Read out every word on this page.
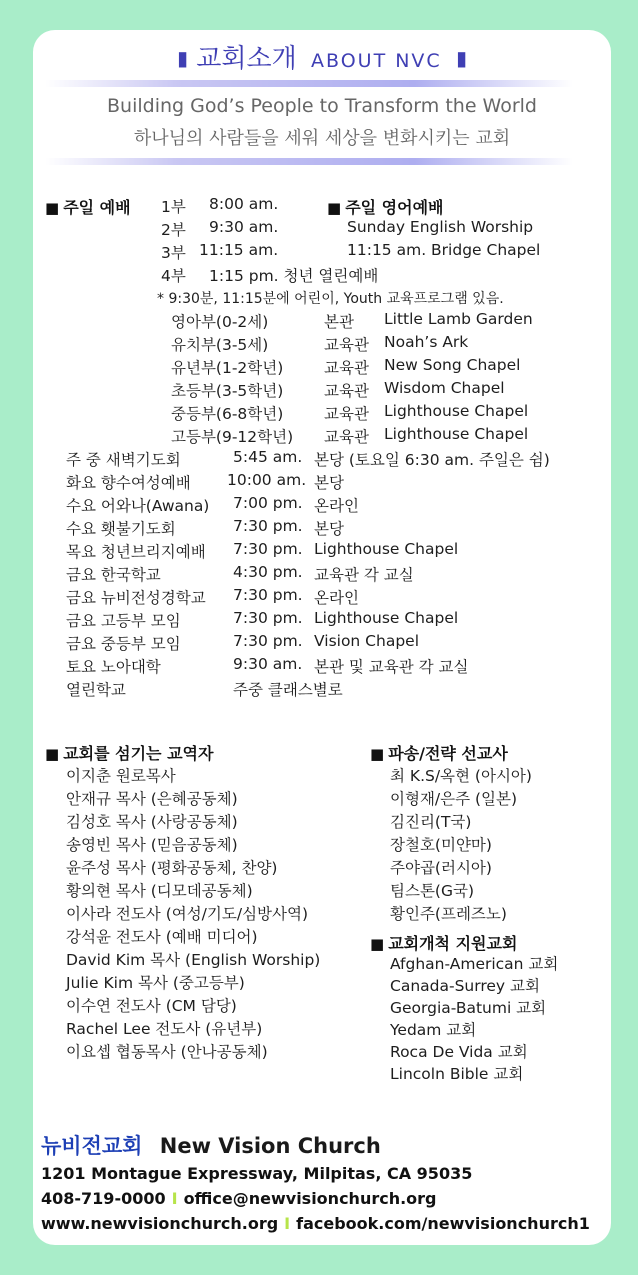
▮ 교회소개 ABOUT NVC ▮
Building God’s People to Transform the World
하나님의 사람들을 세워 세상을 변화시키는 교회
■ 주일 예배 1부 8:00 am.
2부 9:30 am.
3부 11:15 am.
4부 1:15 pm. 청년 열린예배
■ 주일 영어예배
Sunday English Worship
11:15 am. Bridge Chapel
* 9:30분, 11:15분에 어린이, Youth 교육프로그램 있음.
영아부(0-2세)	본관 Little Lamb Garden
유치부(3-5세)	교육관 Noah’s Ark
유년부(1-2학년)	교육관 New Song Chapel
초등부(3-5학년)	교육관 Wisdom Chapel
중등부(6-8학년)	교육관 Lighthouse Chapel
고등부(9-12학년) 교육관 Lighthouse Chapel
주 중 새벽기도회	5:45 am. 본당 (토요일 6:30 am. 주일은 쉼)
화요 향수여성예배 10:00 am. 본당
수요 어와나(Awana) 7:00 pm. 온라인
수요 횃불기도회	7:30 pm. 본당
목요 청년브리지예배 7:30 pm. Lighthouse Chapel
금요 한국학교	4:30 pm. 교육관 각 교실
금요 뉴비전성경학교 7:30 pm. 온라인
금요 고등부 모임	7:30 pm. Lighthouse Chapel
금요 중등부 모임	7:30 pm. Vision Chapel
토요 노아대학	9:30 am. 본관 및 교육관 각 교실
열린학교	주중 클래스별로
■ 교회를 섬기는 교역자
이지춘 원로목사
안재규 목사 (은혜공동체)
김성호 목사 (사랑공동체)
송영빈 목사 (믿음공동체)
윤주성 목사 (평화공동체, 찬양)
황의현 목사 (디모데공동체)
이사라 전도사 (여성/기도/심방사역)
강석윤 전도사 (예배 미디어)
David Kim 목사 (English Worship)
Julie Kim 목사 (중고등부)
이수연 전도사 (CM 담당)
Rachel Lee 전도사 (유년부)
이요셉 협동목사 (안나공동체)
■ 파송/전략 선교사
최 K.S/옥현 (아시아)
이형재/은주 (일본)
김진리(T국)
장철호(미얀마)
주야곱(러시아)
팀스톤(G국)
황인주(프레즈노)
■ 교회개척 지원교회
Afghan-American 교회
Canada-Surrey 교회
Georgia-Batumi 교회
Yedam 교회
Roca De Vida 교회
Lincoln Bible 교회
뉴비전교회 New Vision Church
1201 Montague Expressway, Milpitas, CA 95035
408-719-0000 I office@newvisionchurch.org
www.newvisionchurch.org I facebook.com/newvisionchurch1
